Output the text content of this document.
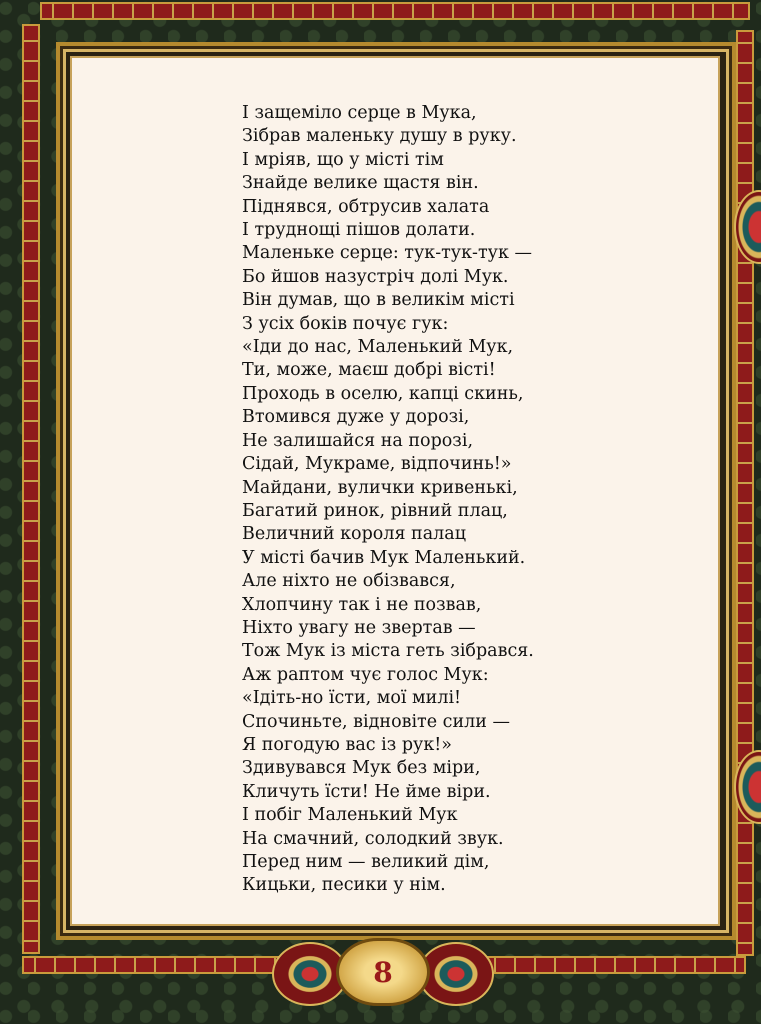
І защеміло серце в Мука,
Зібрав маленьку душу в руку.
І мріяв, що у місті тім
Знайде велике щастя він.
Піднявся, обтрусив халата
І труднощі пішов долати.
Маленьке серце: тук-тук-тук —
Бо йшов назустріч долі Мук.
Він думав, що в великім місті
З усіх боків почує гук:
«Іди до нас, Маленький Мук,
Ти, може, маєш добрі вісті!
Проходь в оселю, капці скинь,
Втомився дуже у дорозі,
Не залишайся на порозі,
Сідай, Мукраме, відпочинь!»
Майдани, вулички кривенькі,
Багатий ринок, рівний плац,
Величний короля палац
У місті бачив Мук Маленький.
Але ніхто не обізвався,
Хлопчину так і не позвав,
Ніхто увагу не звертав —
Тож Мук із міста геть зібрався.
Аж раптом чує голос Мук:
«Ідіть-но їсти, мої милі!
Спочиньте, відновіте сили —
Я погодую вас із рук!»
Здивувався Мук без міри,
Кличуть їсти! Не йме віри.
І побіг Маленький Мук
На смачний, солодкий звук.
Перед ним — великий дім,
Кицьки, песики у нім.
8
